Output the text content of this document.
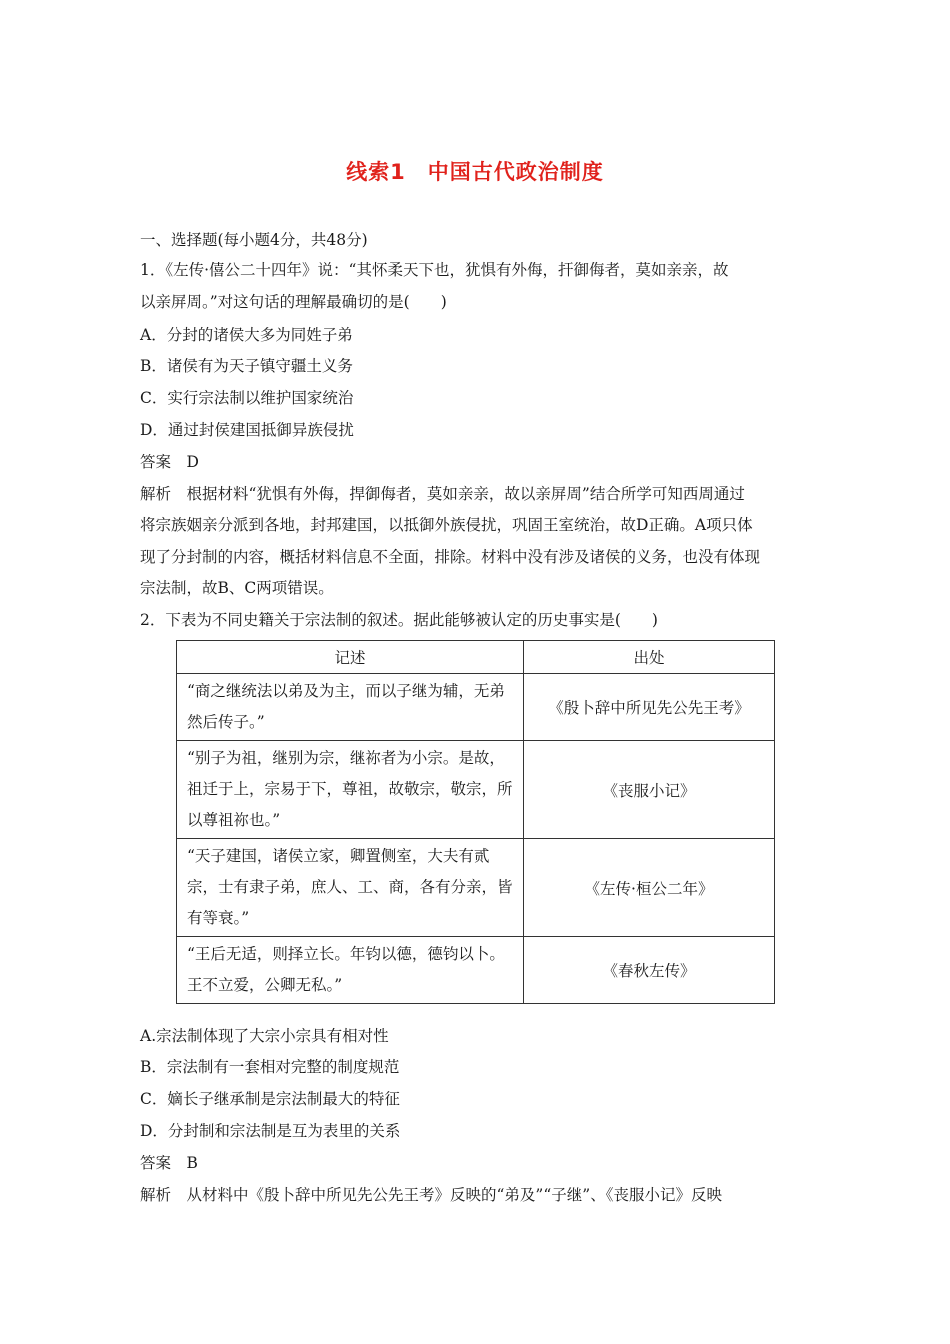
线索1　中国古代政治制度
一、选择题(每小题4分，共48分)
1．《左传·僖公二十四年》说：“其怀柔天下也，犹惧有外侮，扞御侮者，莫如亲亲，故
以亲屏周。”对这句话的理解最确切的是(　　)
A．分封的诸侯大多为同姓子弟
B．诸侯有为天子镇守疆土义务
C．实行宗法制以维护国家统治
D．通过封侯建国抵御异族侵扰
答案　D
解析　根据材料“犹惧有外侮，捍御侮者，莫如亲亲，故以亲屏周”结合所学可知西周通过
将宗族姻亲分派到各地，封邦建国，以抵御外族侵扰，巩固王室统治，故D正确。A项只体
现了分封制的内容，概括材料信息不全面，排除。材料中没有涉及诸侯的义务，也没有体现
宗法制，故B、C两项错误。
2．下表为不同史籍关于宗法制的叙述。据此能够被认定的历史事实是(　　)
记述	出处
“商之继统法以弟及为主，而以子继为辅，无弟然后传子。”	《殷卜辞中所见先公先王考》
“别子为祖，继别为宗，继祢者为小宗。是故，祖迁于上，宗易于下，尊祖，故敬宗，敬宗，所以尊祖祢也。”	《丧服小记》
“天子建国，诸侯立家，卿置侧室，大夫有贰宗，士有隶子弟，庶人、工、商，各有分亲，皆有等衰。”	《左传·桓公二年》
“王后无适，则择立长。年钧以德，德钧以卜。王不立爱，公卿无私。”	《春秋左传》
A.宗法制体现了大宗小宗具有相对性
B．宗法制有一套相对完整的制度规范
C．嫡长子继承制是宗法制最大的特征
D．分封制和宗法制是互为表里的关系
答案　B
解析　从材料中《殷卜辞中所见先公先王考》反映的“弟及”“子继”、《丧服小记》反映
